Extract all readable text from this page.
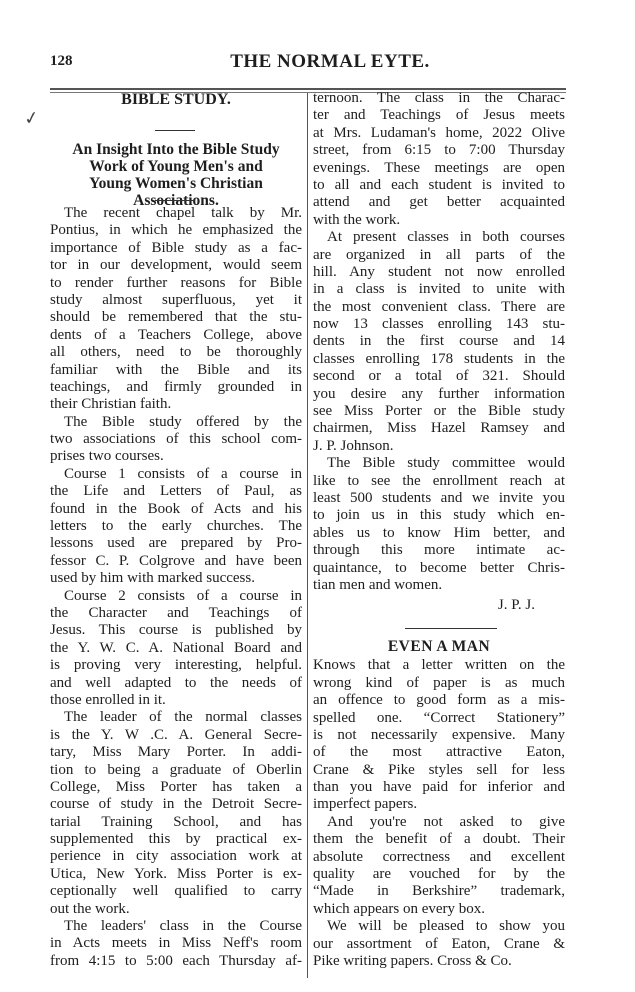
128	THE NORMAL EYTE.
✓
BIBLE STUDY.
An Insight Into the Bible Study
Work of Young Men's and
Young Women's Christian
Associations.
The recent chapel talk by Mr.
Pontius, in which he emphasized the
importance of Bible study as a fac-
tor in our development, would seem
to render further reasons for Bible
study almost superfluous, yet it
should be remembered that the stu-
dents of a Teachers College, above
all others, need to be thoroughly
familiar with the Bible and its
teachings, and firmly grounded in
their Christian faith.
The Bible study offered by the
two associations of this school com-
prises two courses.
Course 1 consists of a course in
the Life and Letters of Paul, as
found in the Book of Acts and his
letters to the early churches. The
lessons used are prepared by Pro-
fessor C. P. Colgrove and have been
used by him with marked success.
Course 2 consists of a course in
the Character and Teachings of
Jesus. This course is published by
the Y. W. C. A. National Board and
is proving very interesting, helpful.
and well adapted to the needs of
those enrolled in it.
The leader of the normal classes
is the Y. W .C. A. General Secre-
tary, Miss Mary Porter. In addi-
tion to being a graduate of Oberlin
College, Miss Porter has taken a
course of study in the Detroit Secre-
tarial Training School, and has
supplemented this by practical ex-
perience in city association work at
Utica, New York. Miss Porter is ex-
ceptionally well qualified to carry
out the work.
The leaders' class in the Course
in Acts meets in Miss Neff's room
from 4:15 to 5:00 each Thursday af-
ternoon. The class in the Charac-
ter and Teachings of Jesus meets
at Mrs. Ludaman's home, 2022 Olive
street, from 6:15 to 7:00 Thursday
evenings. These meetings are open
to all and each student is invited to
attend and get better acquainted
with the work.
At present classes in both courses
are organized in all parts of the
hill. Any student not now enrolled
in a class is invited to unite with
the most convenient class. There are
now 13 classes enrolling 143 stu-
dents in the first course and 14
classes enrolling 178 students in the
second or a total of 321. Should
you desire any further information
see Miss Porter or the Bible study
chairmen, Miss Hazel Ramsey and
J. P. Johnson.
The Bible study committee would
like to see the enrollment reach at
least 500 students and we invite you
to join us in this study which en-
ables us to know Him better, and
through this more intimate ac-
quaintance, to become better Chris-
tian men and women.
J. P. J.
EVEN A MAN
Knows that a letter written on the
wrong kind of paper is as much
an offence to good form as a mis-
spelled one. “Correct Stationery”
is not necessarily expensive. Many
of the most attractive Eaton,
Crane & Pike styles sell for less
than you have paid for inferior and
imperfect papers.
And you're not asked to give
them the benefit of a doubt. Their
absolute correctness and excellent
quality are vouched for by the
“Made in Berkshire” trademark,
which appears on every box.
We will be pleased to show you
our assortment of Eaton, Crane &
Pike writing papers. Cross & Co.
